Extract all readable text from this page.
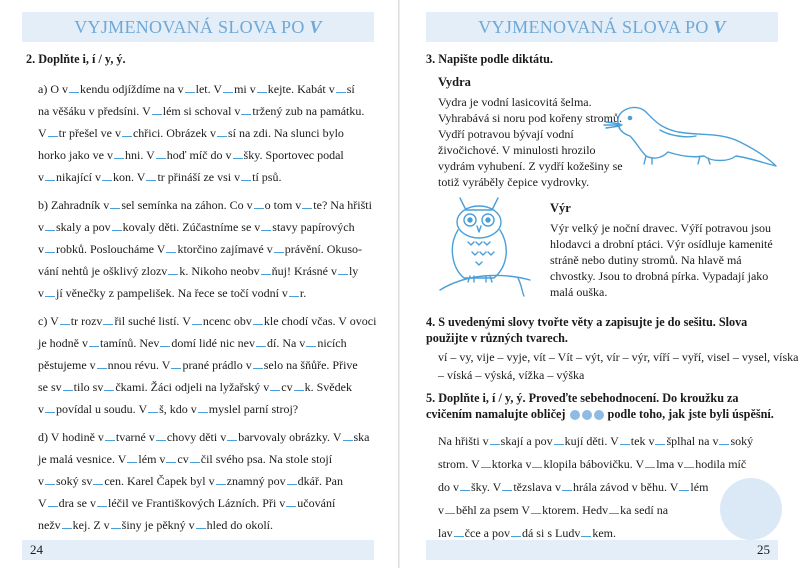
VYJMENOVANÁ SLOVA PO V
2. Doplňte i, í / y, ý.
a) O v kendu odjíždíme na v let. V mi v kejte. Kabát v sí
na věšáku v předsíni. V lém si schoval v tržený zub na památku.
V tr přešel ve v chřici. Obrázek v sí na zdi. Na slunci bylo
horko jako ve v hni. V hoď míč do v šky. Sportovec podal
v nikající v kon. V tr přináší ze vsi v tí psů.
b) Zahradník v sel semínka na záhon. Co v o tom v te? Na hřišti
v skaly a pov kovaly děti. Zúčastníme se v stavy papírových
v robků. Posloucháme V ktorčino zajímavé v právění. Okuso-
vání nehtů je ošklivý zlozv k. Nikoho neobv ňuj! Krásné v ly
v jí věnečky z pampelišek. Na řece se točí vodní v r.
c) V tr rozv řil suché listí. V ncenc obv kle chodí včas. V ovoci
je hodně v tamínů. Nev domí lidé nic nev dí. Na v nicích
pěstujeme v nnou révu. V prané prádlo v selo na šňůře. Přive
se sv tilo sv čkami. Žáci odjeli na lyžařský v cv k. Svědek
v povídal u soudu. V š, kdo v myslel parní stroj?
d) V hodině v tvarné v chovy děti v barvovaly obrázky. V ska
je malá vesnice. V lém v cv čil svého psa. Na stole stojí
v soký sv cen. Karel Čapek byl v znamný pov dkář. Pan
V dra se v léčil ve Františkových Lázních. Při v učování
nežv kej. Z v šiny je pěkný v hled do okolí.
24
VYJMENOVANÁ SLOVA PO V
3. Napište podle diktátu.
Vydra

Vydra je vodní lasicovitá šelma. Vyhrabává si noru pod kořeny stromů. Vydří potravou bývají vodní živočichové. V minulosti hrozilo vydrám vyhubení. Z vydří kožešiny se totiž vyráběly čepice vydrovky.

Výr

Výr velký je noční dravec. Výří potravou jsou hlodavci a drobní ptáci. Výr osídluje kamenité stráně nebo dutiny stromů. Na hlavě má chvostky. Jsou to drobná pírka. Vypadají jako malá ouška.

4. S uvedenými slovy tvořte věty a zapisujte je do sešitu. Slova použijte v různých tvarech.
ví – vy, vije – vyje, vít – Vít – výt, vír – výr, víří – vyří, visel – vysel, víska
– víská – výská, vížka – výška
5. Doplňte i, í / y, ý. Proveďte sebehodnocení. Do kroužku za cvičením namalujte obličej	podle toho, jak jste byli úspěšní.
Na hřišti v skají a pov kují děti. V tek v šplhal na v soký
strom. V ktorka v klopila bábovičku. V lma v hodila míč
do v šky. V tězslava v hrála závod v běhu. V lém
v běhl za psem V ktorem. Hedv ka sedí na
lav čce a pov dá si s Ludv kem.
25
